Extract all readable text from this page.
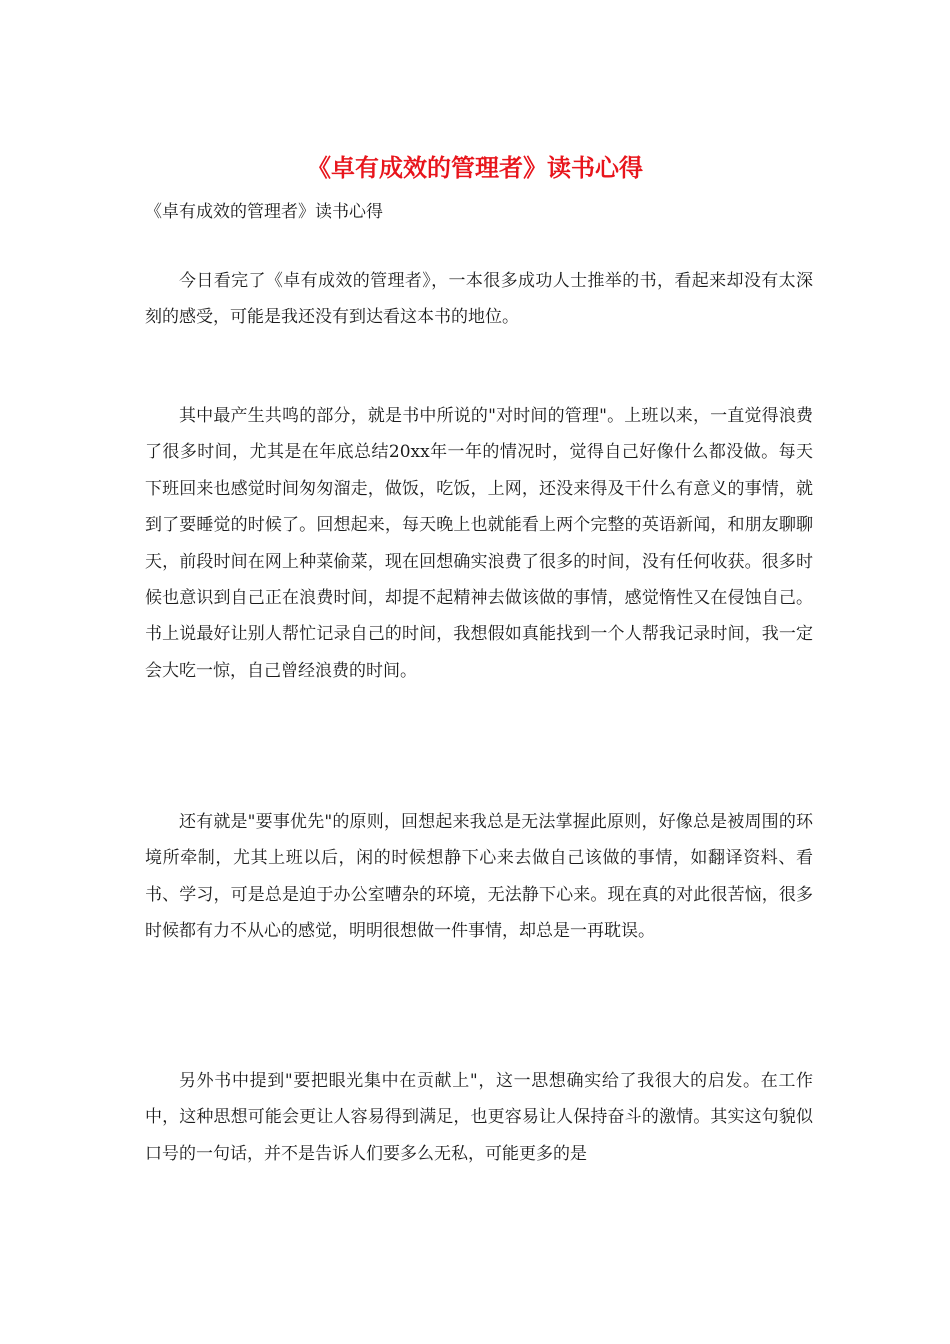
《卓有成效的管理者》读书心得
《卓有成效的管理者》读书心得

今日看完了《卓有成效的管理者》，一本很多成功人士推举的书，看起来却没有太深刻的感受，可能是我还没有到达看这本书的地位。

其中最产生共鸣的部分，就是书中所说的"对时间的管理"。上班以来，一直觉得浪费了很多时间，尤其是在年底总结20xx年一年的情况时，觉得自己好像什么都没做。每天下班回来也感觉时间匆匆溜走，做饭，吃饭，上网，还没来得及干什么有意义的事情，就到了要睡觉的时候了。回想起来，每天晚上也就能看上两个完整的英语新闻，和朋友聊聊天，前段时间在网上种菜偷菜，现在回想确实浪费了很多的时间，没有任何收获。很多时候也意识到自己正在浪费时间，却提不起精神去做该做的事情，感觉惰性又在侵蚀自己。书上说最好让别人帮忙记录自己的时间，我想假如真能找到一个人帮我记录时间，我一定会大吃一惊，自己曾经浪费的时间。

还有就是"要事优先"的原则，回想起来我总是无法掌握此原则，好像总是被周围的环境所牵制，尤其上班以后，闲的时候想静下心来去做自己该做的事情，如翻译资料、看书、学习，可是总是迫于办公室嘈杂的环境，无法静下心来。现在真的对此很苦恼，很多时候都有力不从心的感觉，明明很想做一件事情，却总是一再耽误。

另外书中提到"要把眼光集中在贡献上"，这一思想确实给了我很大的启发。在工作中，这种思想可能会更让人容易得到满足，也更容易让人保持奋斗的激情。其实这句貌似口号的一句话，并不是告诉人们要多么无私，可能更多的是
